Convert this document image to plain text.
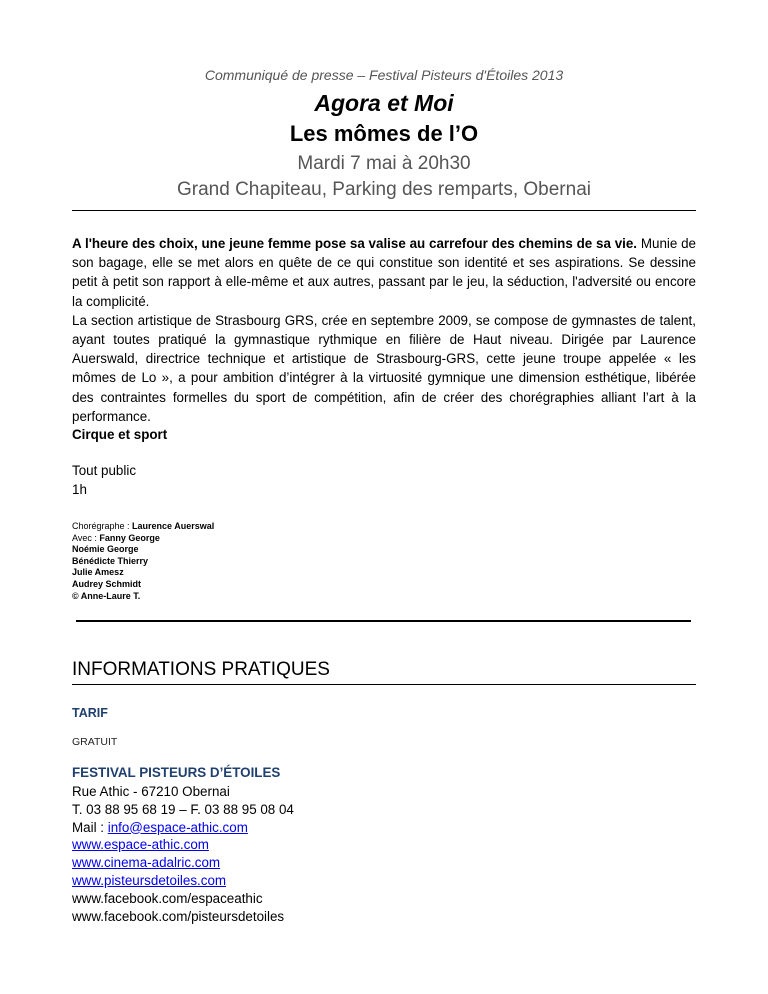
Communiqué de presse – Festival Pisteurs d'Étoiles 2013
Agora et Moi
Les mômes de l’O
Mardi 7 mai à 20h30
Grand Chapiteau, Parking des remparts, Obernai

A l'heure des choix, une jeune femme pose sa valise au carrefour des chemins de sa vie. Munie de son bagage, elle se met alors en quête de ce qui constitue son identité et ses aspirations. Se dessine petit à petit son rapport à elle-même et aux autres, passant par le jeu, la séduction, l'adversité ou encore la complicité.

La section artistique de Strasbourg GRS, crée en septembre 2009, se compose de gymnastes de talent, ayant toutes pratiqué la gymnastique rythmique en filière de Haut niveau. Dirigée par Laurence Auerswald, directrice technique et artistique de Strasbourg-GRS, cette jeune troupe appelée « les mômes de Lo », a pour ambition d’intégrer à la virtuosité gymnique une dimension esthétique, libérée des contraintes formelles du sport de compétition, afin de créer des chorégraphies alliant l’art à la performance.

Cirque et sport
Tout public
1h
Chorégraphe : Laurence Auerswal
Avec : Fanny George
Noémie George
Bénédicte Thierry
Julie Amesz
Audrey Schmidt
© Anne-Laure T.
INFORMATIONS PRATIQUES
TARIF
GRATUIT
FESTIVAL PISTEURS D’ÉTOILES
Rue Athic - 67210 Obernai
T. 03 88 95 68 19 – F. 03 88 95 08 04
Mail : info@espace-athic.com
www.espace-athic.com
www.cinema-adalric.com
www.pisteursdetoiles.com
www.facebook.com/espaceathic
www.facebook.com/pisteursdetoiles
